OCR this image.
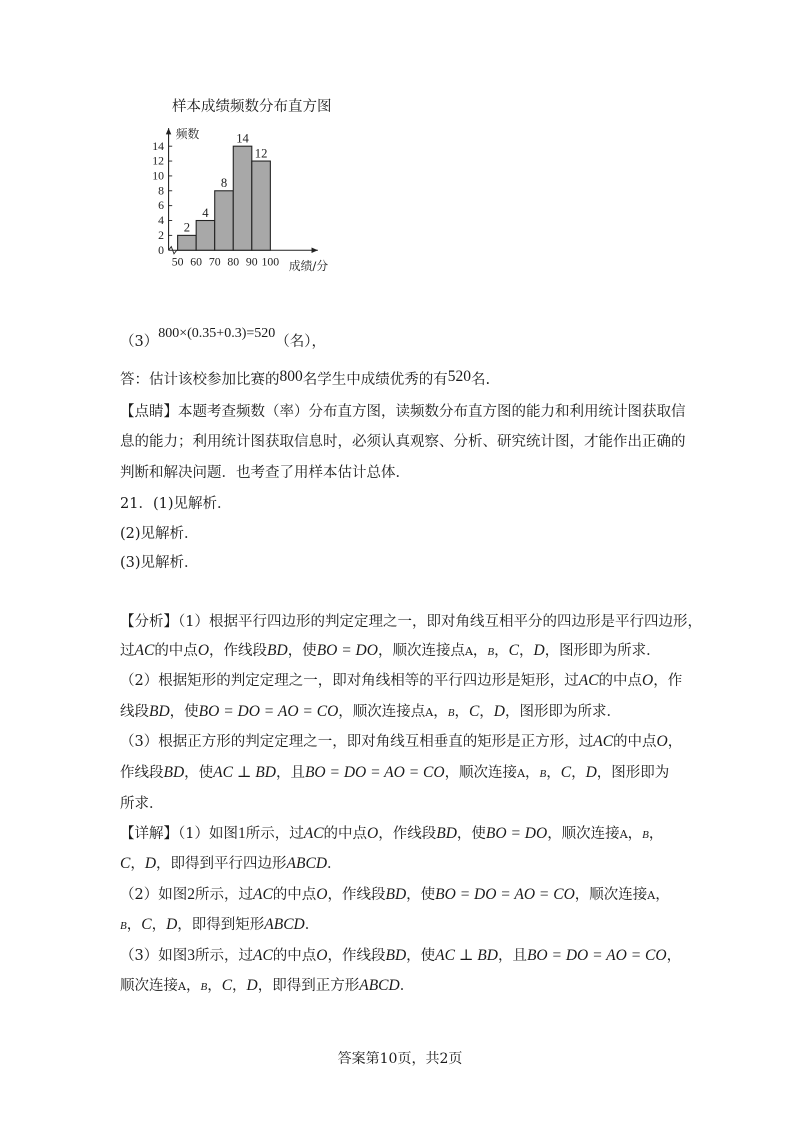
样本成绩频数分布直方图
频数
成绩/分
0
2
4
6
8
10
12
14
50 60 70 80 90 100
2
4
8
14
12
（3）800×(0.35+0.3)=520（名），
答：估计该校参加比赛的800名学生中成绩优秀的有520名.
【点睛】本题考查频数（率）分布直方图，读频数分布直方图的能力和利用统计图获取信
息的能力；利用统计图获取信息时，必须认真观察、分析、研究统计图，才能作出正确的
判断和解决问题．也考查了用样本估计总体．
21．(1)见解析．
(2)见解析．
(3)见解析．
【分析】（1）根据平行四边形的判定定理之一，即对角线互相平分的四边形是平行四边形，
过AC的中点O，作线段BD，使BO = DO，顺次连接点A，B，C，D，图形即为所求．
（2）根据矩形的判定定理之一，即对角线相等的平行四边形是矩形，过AC的中点O，作
线段BD，使BO = DO = AO = CO，顺次连接点A，B，C，D，图形即为所求．
（3）根据正方形的判定定理之一，即对角线互相垂直的矩形是正方形，过AC的中点O，
作线段BD，使AC ⊥ BD，且BO = DO = AO = CO，顺次连接A，B，C，D，图形即为
所求．
【详解】（1）如图1所示，过AC的中点O，作线段BD，使BO = DO，顺次连接A，B，
C，D，即得到平行四边形ABCD．
（2）如图2所示，过AC的中点O，作线段BD，使BO = DO = AO = CO，顺次连接A，
B，C，D，即得到矩形ABCD．
（3）如图3所示，过AC的中点O，作线段BD，使AC ⊥ BD，且BO = DO = AO = CO，
顺次连接A，B，C，D，即得到正方形ABCD．
答案第10页，共2页
